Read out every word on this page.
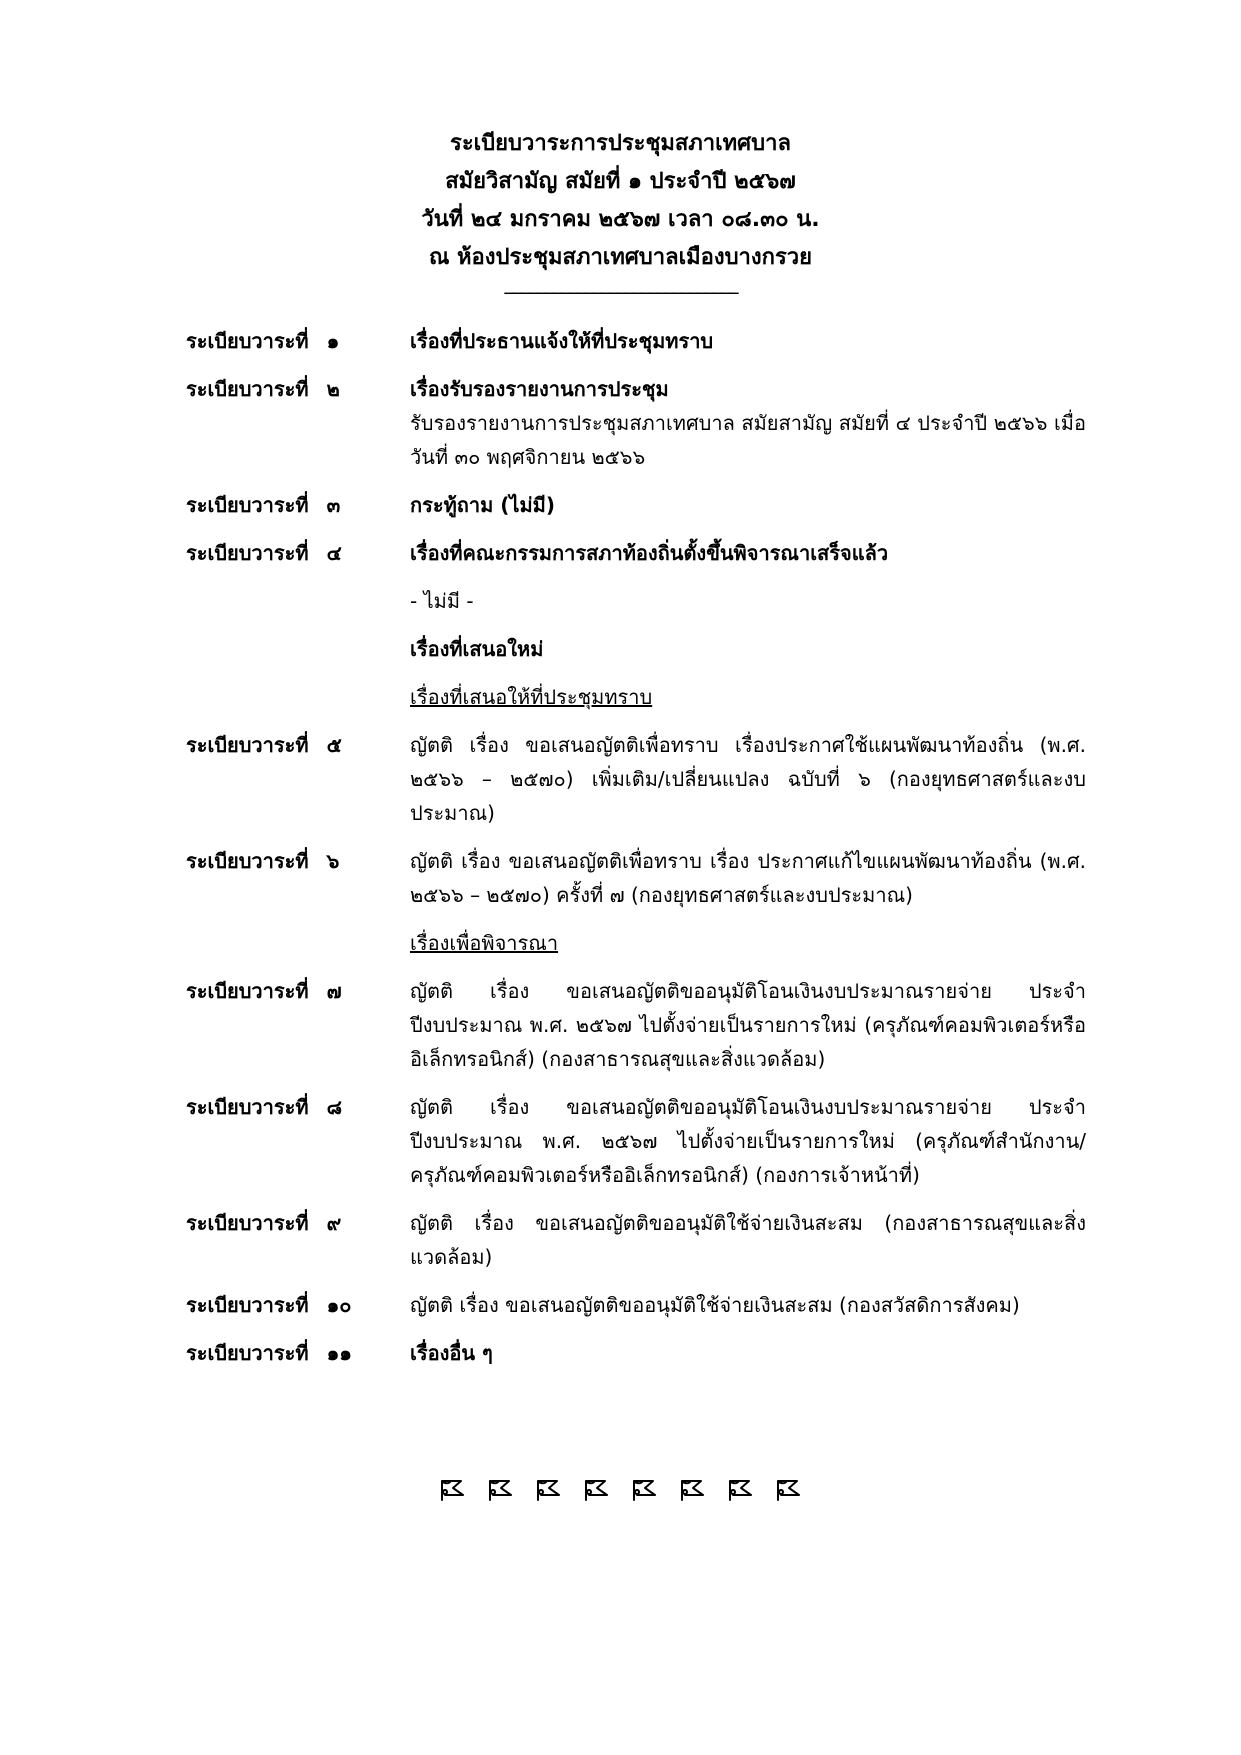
ระเบียบวาระการประชุมสภาเทศบาล
สมัยวิสามัญ สมัยที่ ๑ ประจำปี ๒๕๖๗
วันที่ ๒๔ มกราคม ๒๕๖๗ เวลา ๐๘.๓๐ น.
ณ ห้องประชุมสภาเทศบาลเมืองบางกรวย
_____________________________
ระเบียบวาระที่ ๑	เรื่องที่ประธานแจ้งให้ที่ประชุมทราบ
ระเบียบวาระที่ ๒	เรื่องรับรองรายงานการประชุม
รับรองรายงานการประชุมสภาเทศบาล สมัยสามัญ สมัยที่ ๔ ประจำปี ๒๕๖๖ เมื่อวันที่ ๓๐ พฤศจิกายน ๒๕๖๖
ระเบียบวาระที่ ๓	กระทู้ถาม (ไม่มี)
ระเบียบวาระที่ ๔	เรื่องที่คณะกรรมการสภาท้องถิ่นตั้งขึ้นพิจารณาเสร็จแล้ว
- ไม่มี -
เรื่องที่เสนอใหม่
เรื่องที่เสนอให้ที่ประชุมทราบ
ระเบียบวาระที่ ๕	ญัตติ เรื่อง ขอเสนอญัตติเพื่อทราบ เรื่องประกาศใช้แผนพัฒนาท้องถิ่น (พ.ศ. ๒๕๖๖ – ๒๕๗๐) เพิ่มเติม/เปลี่ยนแปลง ฉบับที่ ๖ (กองยุทธศาสตร์และงบประมาณ)
ระเบียบวาระที่ ๖	ญัตติ เรื่อง ขอเสนอญัตติเพื่อทราบ เรื่อง ประกาศแก้ไขแผนพัฒนาท้องถิ่น (พ.ศ. ๒๕๖๖ – ๒๕๗๐) ครั้งที่ ๗ (กองยุทธศาสตร์และงบประมาณ)
เรื่องเพื่อพิจารณา
ระเบียบวาระที่ ๗	ญัตติ เรื่อง ขอเสนอญัตติขออนุมัติโอนเงินงบประมาณรายจ่าย ประจำปีงบประมาณ พ.ศ. ๒๕๖๗ ไปตั้งจ่ายเป็นรายการใหม่ (ครุภัณฑ์คอมพิวเตอร์หรืออิเล็กทรอนิกส์) (กองสาธารณสุขและสิ่งแวดล้อม)
ระเบียบวาระที่ ๘	ญัตติ เรื่อง ขอเสนอญัตติขออนุมัติโอนเงินงบประมาณรายจ่าย ประจำปีงบประมาณ พ.ศ. ๒๕๖๗ ไปตั้งจ่ายเป็นรายการใหม่ (ครุภัณฑ์สำนักงาน/ครุภัณฑ์คอมพิวเตอร์หรืออิเล็กทรอนิกส์) (กองการเจ้าหน้าที่)
ระเบียบวาระที่ ๙	ญัตติ เรื่อง ขอเสนอญัตติขออนุมัติใช้จ่ายเงินสะสม (กองสาธารณสุขและสิ่งแวดล้อม)
ระเบียบวาระที่ ๑๐	ญัตติ เรื่อง ขอเสนอญัตติขออนุมัติใช้จ่ายเงินสะสม (กองสวัสดิการสังคม)
ระเบียบวาระที่ ๑๑	เรื่องอื่น ๆ
